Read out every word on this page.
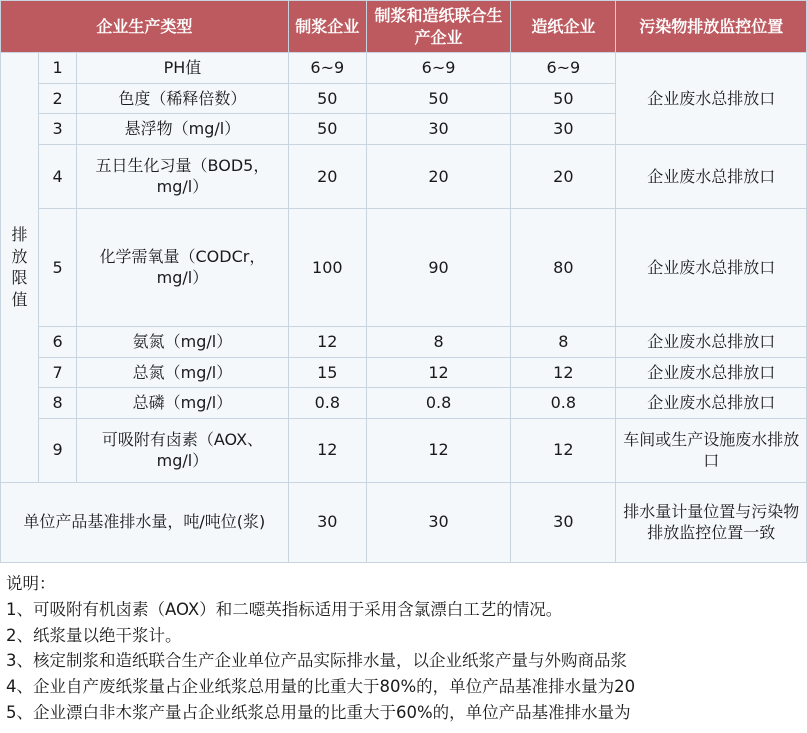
企业生产类型			制浆企业	制浆和造纸联合生产企业	造纸企业	污染物排放监控位置
排放限值	1	PH值	6~9	6~9	6~9	企业废水总排放口
	2	色度（稀释倍数）	50	50	50	
	3	悬浮物（mg/l）	50	30	30	
	4	五日生化习量（BOD5，mg/l）	20	20	20	企业废水总排放口
	5	化学需氧量（CODCr，mg/l）	100	90	80	企业废水总排放口
	6	氨氮（mg/l）	12	8	8	企业废水总排放口
	7	总氮（mg/l）	15	12	12	企业废水总排放口
	8	总磷（mg/l）	0.8	0.8	0.8	企业废水总排放口
	9	可吸附有卤素（AOX、mg/l）	12	12	12	车间或生产设施废水排放口
单位产品基准排水量，吨/吨位(浆)			30	30	30	排水量计量位置与污染物排放监控位置一致
说明：
1、可吸附有机卤素（AOX）和二噁英指标适用于采用含氯漂白工艺的情况。
2、纸浆量以绝干浆计。
3、核定制浆和造纸联合生产企业单位产品实际排水量，以企业纸浆产量与外购商品浆
4、企业自产废纸浆量占企业纸浆总用量的比重大于80%的，单位产品基准排水量为20
5、企业漂白非木浆产量占企业纸浆总用量的比重大于60%的，单位产品基准排水量为
